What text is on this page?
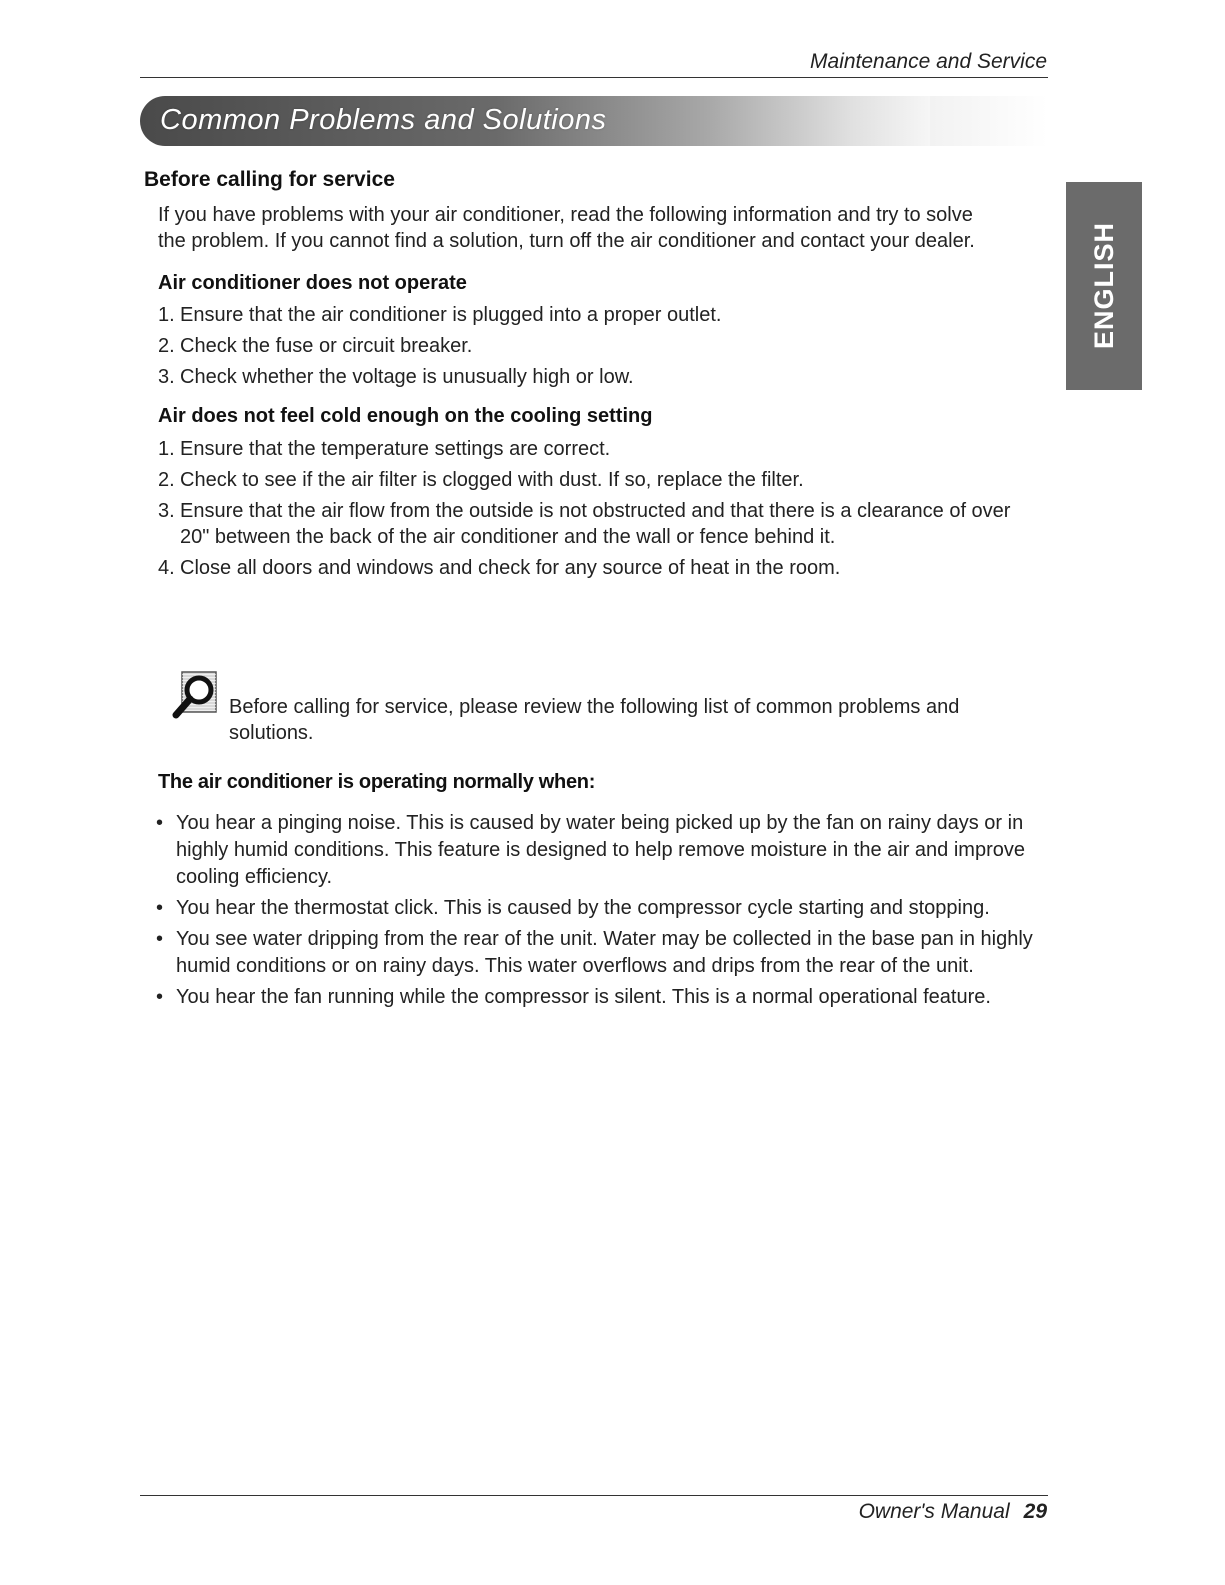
Maintenance and Service
Common Problems and Solutions
ENGLISH
Before calling for service
If you have problems with your air conditioner, read the following information and try to solve
the problem. If you cannot find a solution, turn off the air conditioner and contact your dealer.
Air conditioner does not operate
1. Ensure that the air conditioner is plugged into a proper outlet.
2. Check the fuse or circuit breaker.
3. Check whether the voltage is unusually high or low.
Air does not feel cold enough on the cooling setting
1. Ensure that the temperature settings are correct.
2. Check to see if the air filter is clogged with dust. If so, replace the filter.
3. Ensure that the air flow from the outside is not obstructed and that there is a clearance of over 20" between the back of the air conditioner and the wall or fence behind it.
4. Close all doors and windows and check for any source of heat in the room.
Before calling for service, please review the following list of common problems and solutions.
The air conditioner is operating normally when:
• You hear a pinging noise. This is caused by water being picked up by the fan on rainy days or in highly humid conditions. This feature is designed to help remove moisture in the air and improve cooling efficiency.
• You hear the thermostat click. This is caused by the compressor cycle starting and stopping.
• You see water dripping from the rear of the unit. Water may be collected in the base pan in highly humid conditions or on rainy days. This water overflows and drips from the rear of the unit.
• You hear the fan running while the compressor is silent. This is a normal operational feature.
Owner's Manual 29
